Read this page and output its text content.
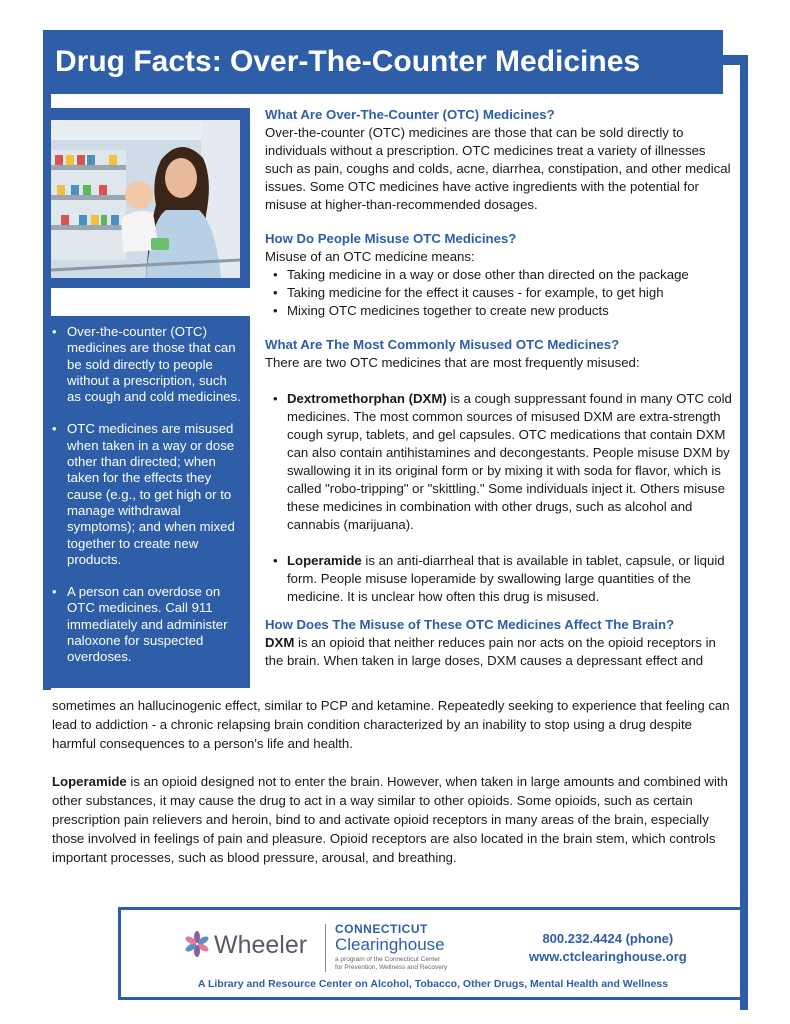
Drug Facts: Over-The-Counter Medicines
• Over-the-counter (OTC) medicines are those that can be sold directly to people without a prescription, such as cough and cold medicines.
• OTC medicines are misused when taken in a way or dose other than directed; when taken for the effects they cause (e.g., to get high or to manage withdrawal symptoms); and when mixed together to create new products.
• A person can overdose on OTC medicines. Call 911 immediately and administer naloxone for suspected overdoses.

What Are Over-The-Counter (OTC) Medicines?

Over-the-counter (OTC) medicines are those that can be sold directly to individuals without a prescription. OTC medicines treat a variety of illnesses such as pain, coughs and colds, acne, diarrhea, constipation, and other medical issues. Some OTC medicines have active ingredients with the potential for misuse at higher-than-recommended dosages.

How Do People Misuse OTC Medicines?

Misuse of an OTC medicine means:

• Taking medicine in a way or dose other than directed on the package
• Taking medicine for the effect it causes - for example, to get high
• Mixing OTC medicines together to create new products

What Are The Most Commonly Misused OTC Medicines?

There are two OTC medicines that are most frequently misused:

• Dextromethorphan (DXM) is a cough suppressant found in many OTC cold medicines. The most common sources of misused DXM are extra-strength cough syrup, tablets, and gel capsules. OTC medications that contain DXM can also contain antihistamines and decongestants. People misuse DXM by swallowing it in its original form or by mixing it with soda for flavor, which is called "robo-tripping" or "skittling." Some individuals inject it. Others misuse these medicines in combination with other drugs, such as alcohol and cannabis (marijuana).
• Loperamide is an anti-diarrheal that is available in tablet, capsule, or liquid form. People misuse loperamide by swallowing large quantities of the medicine. It is unclear how often this drug is misused.

How Does The Misuse of These OTC Medicines Affect The Brain?

DXM is an opioid that neither reduces pain nor acts on the opioid receptors in the brain. When taken in large doses, DXM causes a depressant effect and

sometimes an hallucinogenic effect, similar to PCP and ketamine. Repeatedly seeking to experience that feeling can lead to addiction - a chronic relapsing brain condition characterized by an inability to stop using a drug despite harmful consequences to a person's life and health.

Loperamide is an opioid designed not to enter the brain. However, when taken in large amounts and combined with other substances, it may cause the drug to act in a way similar to other opioids. Some opioids, such as certain prescription pain relievers and heroin, bind to and activate opioid receptors in many areas of the brain, especially those involved in feelings of pain and pleasure. Opioid receptors are also located in the brain stem, which controls important processes, such as blood pressure, arousal, and breathing.

Wheeler
CONNECTICUT
Clearinghouse
a program of the Connecticut Center
for Prevention, Wellness and Recovery
800.232.4424 (phone)
www.ctclearinghouse.org
A Library and Resource Center on Alcohol, Tobacco, Other Drugs, Mental Health and Wellness
